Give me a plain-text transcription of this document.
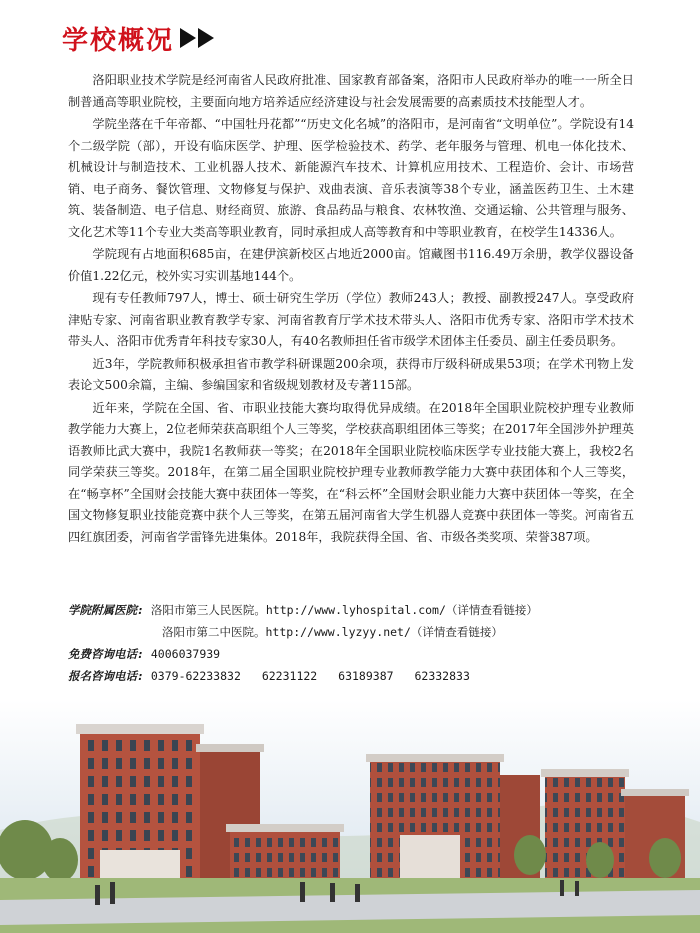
学校概况

洛阳职业技术学院是经河南省人民政府批准、国家教育部备案，洛阳市人民政府举办的唯一一所全日制普通高等职业院校，主要面向地方培养适应经济建设与社会发展需要的高素质技术技能型人才。

学院坐落在千年帝都、“中国牡丹花都”“历史文化名城”的洛阳市，是河南省“文明单位”。学院设有14个二级学院（部），开设有临床医学、护理、医学检验技术、药学、老年服务与管理、机电一体化技术、机械设计与制造技术、工业机器人技术、新能源汽车技术、计算机应用技术、工程造价、会计、市场营销、电子商务、餐饮管理、文物修复与保护、戏曲表演、音乐表演等38个专业，涵盖医药卫生、土木建筑、装备制造、电子信息、财经商贸、旅游、食品药品与粮食、农林牧渔、交通运输、公共管理与服务、文化艺术等11个专业大类高等职业教育，同时承担成人高等教育和中等职业教育，在校学生14336人。

学院现有占地面积685亩，在建伊滨新校区占地近2000亩。馆藏图书116.49万余册，教学仪器设备价值1.22亿元，校外实习实训基地144个。

现有专任教师797人，博士、硕士研究生学历（学位）教师243人；教授、副教授247人。享受政府津贴专家、河南省职业教育教学专家、河南省教育厅学术技术带头人、洛阳市优秀专家、洛阳市学术技术带头人、洛阳市优秀青年科技专家30人，有40名教师担任省市级学术团体主任委员、副主任委员职务。

近3年，学院教师积极承担省市教学科研课题200余项，获得市厅级科研成果53项；在学术刊物上发表论文500余篇，主编、参编国家和省级规划教材及专著115部。

近年来，学院在全国、省、市职业技能大赛均取得优异成绩。在2018年全国职业院校护理专业教师教学能力大赛上，2位老师荣获高职组个人三等奖，学校获高职组团体三等奖；在2017年全国涉外护理英语教师比武大赛中，我院1名教师获一等奖；在2018年全国职业院校临床医学专业技能大赛上，我校2名同学荣获三等奖。2018年，在第二届全国职业院校护理专业教师教学能力大赛中获团体和个人三等奖，在“畅享杯”全国财会技能大赛中获团体一等奖，在“科云杯”全国财会职业能力大赛中获团体一等奖，在全国文物修复职业技能竞赛中获个人三等奖，在第五届河南省大学生机器人竞赛中获团体一等奖。河南省五四红旗团委，河南省学雷锋先进集体。2018年，我院获得全国、省、市级各类奖项、荣誉387项。

学院附属医院: 洛阳市第三人民医院。http://www.lyhospital.com/（详情查看链接）
洛阳市第二中医院。http://www.lyzyy.net/（详情查看链接）
免费咨询电话: 4006037939
报名咨询电话: 0379-62233832 62231122 63189387 62332833
